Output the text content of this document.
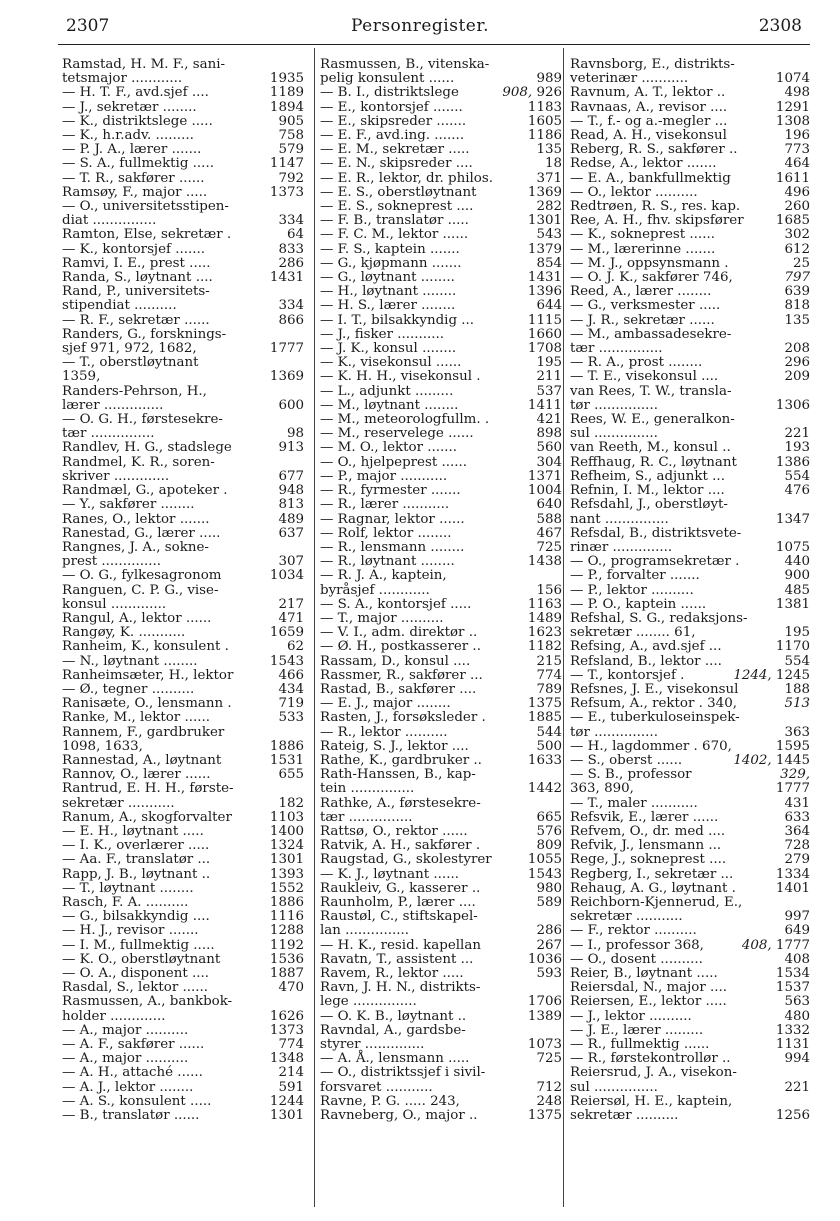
2307	Personregister.	2308
Ramstad, H. M. F., sani-
tetsmajor ............	1935
— H. T. F., avd.sjef ....	1189
— J., sekretær ........	1894
— K., distriktslege .....	905
— K., h.r.adv. .........	758
— P. J. A., lærer .......	579
— S. A., fullmektig .....	1147
— T. R., sakfører ......	792
Ramsøy, F., major .....	1373
— O., universitetsstipen-
diat ...............	334
Ramton, Else, sekretær .	64
— K., kontorsjef .......	833
Ramvi, I. E., prest .....	286
Randa, S., løytnant ....	1431
Rand, P., universitets-
stipendiat ..........	334
— R. F., sekretær ......	866
Randers, G., forsknings-
sjef 971, 972, 1682,	1777
— T., oberstløytnant
1359,	1369
Randers-Pehrson, H.,
lærer ..............	600
— O. G. H., førstesekre-
tær ...............	98
Randlev, H. G., stadslege	913
Randmel, K. R., soren-
skriver .............	677
Randmæl, G., apoteker .	948
— Y., sakfører ........	813
Ranes, O., lektor .......	489
Ranestad, G., lærer .....	637
Rangnes, J. A., sokne-
prest ..............	307
— O. G., fylkesagronom	1034
Ranguen, C. P. G., vise-
konsul .............	217
Rangul, A., lektor ......	471
Rangøy, K. ...........	1659
Ranheim, K., konsulent .	62
— N., løytnant ........	1543
Ranheimsæter, H., lektor	466
— Ø., tegner ..........	434
Ranisæte, O., lensmann .	719
Ranke, M., lektor ......	533
Rannem, F., gardbruker
1098, 1633,	1886
Rannestad, A., løytnant	1531
Rannov, O., lærer ......	655
Rantrud, E. H. H., første-
sekretær ...........	182
Ranum, A., skogforvalter	1103
— E. H., løytnant .....	1400
— I. K., overlærer .....	1324
— Aa. F., translatør ...	1301
Rapp, J. B., løytnant ..	1393
— T., løytnant ........	1552
Rasch, F. A. ..........	1886
— G., bilsakkyndig ....	1116
— H. J., revisor .......	1288
— I. M., fullmektig .....	1192
— K. O., oberstløytnant	1536
— O. A., disponent ....	1887
Rasdal, S., lektor ......	470
Rasmussen, A., bankbok-
holder .............	1626
— A., major ..........	1373
— A. F., sakfører ......	774
— A., major ..........	1348
— A. H., attaché ......	214
— A. J., lektor ........	591
— A. S., konsulent .....	1244
— B., translatør ......	1301
Rasmussen, B., vitenska-
pelig konsulent ......	989
— B. I., distriktslege	908, 926
— E., kontorsjef .......	1183
— E., skipsreder .......	1605
— E. F., avd.ing. .......	1186
— E. M., sekretær .....	135
— E. N., skipsreder ....	18
— E. R., lektor, dr. philos.	371
— E. S., oberstløytnant	1369
— E. S., sokneprest ....	282
— F. B., translatør .....	1301
— F. C. M., lektor ......	543
— F. S., kaptein .......	1379
— G., kjøpmann .......	854
— G., løytnant ........	1431
— H., løytnant ........	1396
— H. S., lærer ........	644
— I. T., bilsakkyndig ...	1115
— J., fisker ...........	1660
— J. K., konsul ........	1708
— K., visekonsul ......	195
— K. H. H., visekonsul .	211
— L., adjunkt .........	537
— M., løytnant ........	1411
— M., meteorologfullm. .	421
— M., reservelege ......	898
— M. O., lektor .......	560
— O., hjelpeprest ......	304
— P., major ...........	1371
— R., fyrmester .......	1004
— R., lærer ...........	640
— Ragnar, lektor ......	588
— Rolf, lektor ........	467
— R., lensmann ........	725
— R., løytnant ........	1438
— R. J. A., kaptein,
byråsjef ............	156
— S. A., kontorsjef .....	1163
— T., major ..........	1489
— V. I., adm. direktør ..	1623
— Ø. H., postkasserer ..	1182
Rassam, D., konsul ....	215
Rassmer, R., sakfører ...	774
Rastad, B., sakfører ....	789
— E. J., major ........	1375
Rasten, J., forsøksleder .	1885
— R., lektor ..........	544
Rateig, S. J., lektor ....	500
Rathe, K., gardbruker ..	1633
Rath-Hanssen, B., kap-
tein ...............	1442
Rathke, A., førstesekre-
tær ...............	665
Rattsø, O., rektor ......	576
Ratvik, A. H., sakfører .	809
Raugstad, G., skolestyrer	1055
— K. J., løytnant ......	1543
Raukleiv, G., kasserer ..	980
Raunholm, P., lærer ....	589
Raustøl, C., stiftskapel-
lan ...............	286
— H. K., resid. kapellan	267
Ravatn, T., assistent ...	1036
Ravem, R., lektor .....	593
Ravn, J. H. N., distrikts-
lege ...............	1706
— O. K. B., løytnant ..	1389
Ravndal, A., gardsbe-
styrer ..............	1073
— A. Å., lensmann .....	725
— O., distriktssjef i sivil-
forsvaret ...........	712
Ravne, P. G. ..... 243,	248
Ravneberg, O., major ..	1375
Ravnsborg, E., distrikts-
veterinær ...........	1074
Ravnum, A. T., lektor ..	498
Ravnaas, A., revisor ....	1291
— T., f.- og a.-megler ...	1308
Read, A. H., visekonsul	196
Reberg, R. S., sakfører ..	773
Redse, A., lektor .......	464
— E. A., bankfullmektig	1611
— O., lektor ..........	496
Redtrøen, R. S., res. kap.	260
Ree, A. H., fhv. skipsfører 1685
— K., sokneprest ......	302
— M., lærerinne .......	612
— M. J., oppsynsmann .	25
— O. J. K., sakfører 746,	797
Reed, A., lærer ........	639
— G., verksmester .....	818
— J. R., sekretær ......	135
— M., ambassadesekre-
tær ...............	208
— R. A., prost ........	296
— T. E., visekonsul ....	209
van Rees, T. W., transla-
tør ...............	1306
Rees, W. E., generalkon-
sul ...............	221
van Reeth, M., konsul ..	193
Reffhaug, R. C., løytnant	1386
Refheim, S., adjunkt ...	554
Refnin, I. M., lektor ....	476
Refsdahl, J., oberstløyt-
nant ...............	1347
Refsdal, B., distriktsvete-
rinær ..............	1075
— O., programsekretær .	440
— P., forvalter .......	900
— P., lektor ..........	485
— P. O., kaptein ......	1381
Refshal, S. G., redaksjons-
sekretær ........ 61,	195
Refsing, A., avd.sjef ...	1170
Refsland, B., lektor ....	554
— T., kontorsjef .	1244, 1245
Refsnes, J. E., visekonsul	188
Refsum, A., rektor . 340,	513
— E., tuberkuloseinspek-
tør ...............	363
— H., lagdommer . 670,	1595
— S., oberst ......	1402, 1445
— S. B., professor	329,
363, 890,	1777
— T., maler ...........	431
Refsvik, E., lærer ......	633
Refvem, O., dr. med ....	364
Refvik, J., lensmann ...	728
Rege, J., sokneprest ....	279
Regberg, I., sekretær ...	1334
Rehaug, A. G., løytnant .	1401
Reichborn-Kjennerud, E.,
sekretær ...........	997
— F., rektor ..........	649
— I., professor 368,	408, 1777
— O., dosent ..........	408
Reier, B., løytnant .....	1534
Reiersdal, N., major ....	1537
Reiersen, E., lektor .....	563
— J., lektor ..........	480
— J. E., lærer .........	1332
— R., fullmektig ......	1131
— R., førstekontrollør ..	994
Reiersrud, J. A., visekon-
sul ...............	221
Reiersøl, H. E., kaptein,
sekretær ..........	1256
